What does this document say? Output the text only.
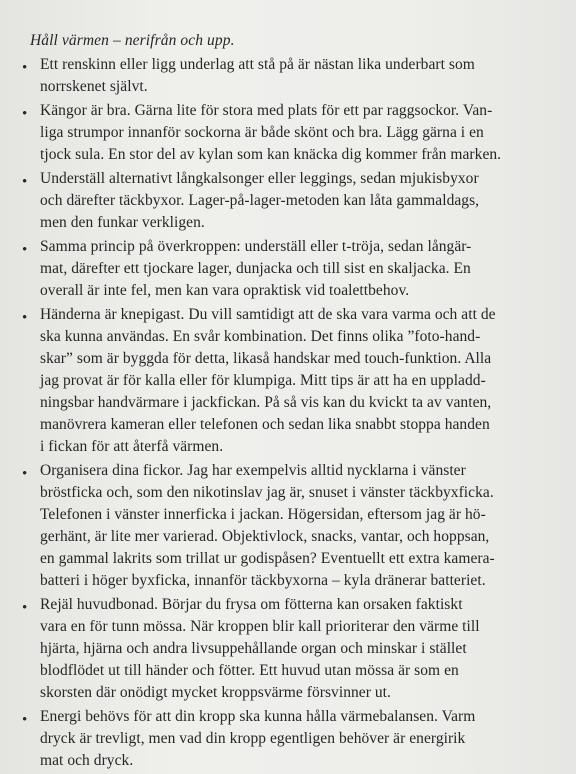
Håll värmen – nerifrån och upp.
• Ett renskinn eller ligg underlag att stå på är nästan lika underbart som
norrskenet självt.
• Kängor är bra. Gärna lite för stora med plats för ett par raggsockor. Van-
liga strumpor innanför sockorna är både skönt och bra. Lägg gärna i en
tjock sula. En stor del av kylan som kan knäcka dig kommer från marken.
• Underställ alternativt långkalsonger eller leggings, sedan mjukisbyxor
och därefter täckbyxor. Lager-på-lager-metoden kan låta gammaldags,
men den funkar verkligen.
• Samma princip på överkroppen: underställ eller t-tröja, sedan långär-
mat, därefter ett tjockare lager, dunjacka och till sist en skaljacka. En
overall är inte fel, men kan vara opraktisk vid toalettbehov.
• Händerna är knepigast. Du vill samtidigt att de ska vara varma och att de
ska kunna användas. En svår kombination. Det finns olika ”foto-hand-
skar” som är byggda för detta, likaså handskar med touch-funktion. Alla
jag provat är för kalla eller för klumpiga. Mitt tips är att ha en uppladd-
ningsbar handvärmare i jackfickan. På så vis kan du kvickt ta av vanten,
manövrera kameran eller telefonen och sedan lika snabbt stoppa handen
i fickan för att återfå värmen.
• Organisera dina fickor. Jag har exempelvis alltid nycklarna i vänster
bröstficka och, som den nikotinslav jag är, snuset i vänster täckbyxficka.
Telefonen i vänster innerficka i jackan. Högersidan, eftersom jag är hö-
gerhänt, är lite mer varierad. Objektivlock, snacks, vantar, och hoppsan,
en gammal lakrits som trillat ur godispåsen? Eventuellt ett extra kamera-
batteri i höger byxficka, innanför täckbyxorna – kyla dränerar batteriet.
• Rejäl huvudbonad. Börjar du frysa om fötterna kan orsaken faktiskt
vara en för tunn mössa. När kroppen blir kall prioriterar den värme till
hjärta, hjärna och andra livsuppehållande organ och minskar i stället
blodflödet ut till händer och fötter. Ett huvud utan mössa är som en
skorsten där onödigt mycket kroppsvärme försvinner ut.
• Energi behövs för att din kropp ska kunna hålla värmebalansen. Varm
dryck är trevligt, men vad din kropp egentligen behöver är energirik
mat och dryck.
